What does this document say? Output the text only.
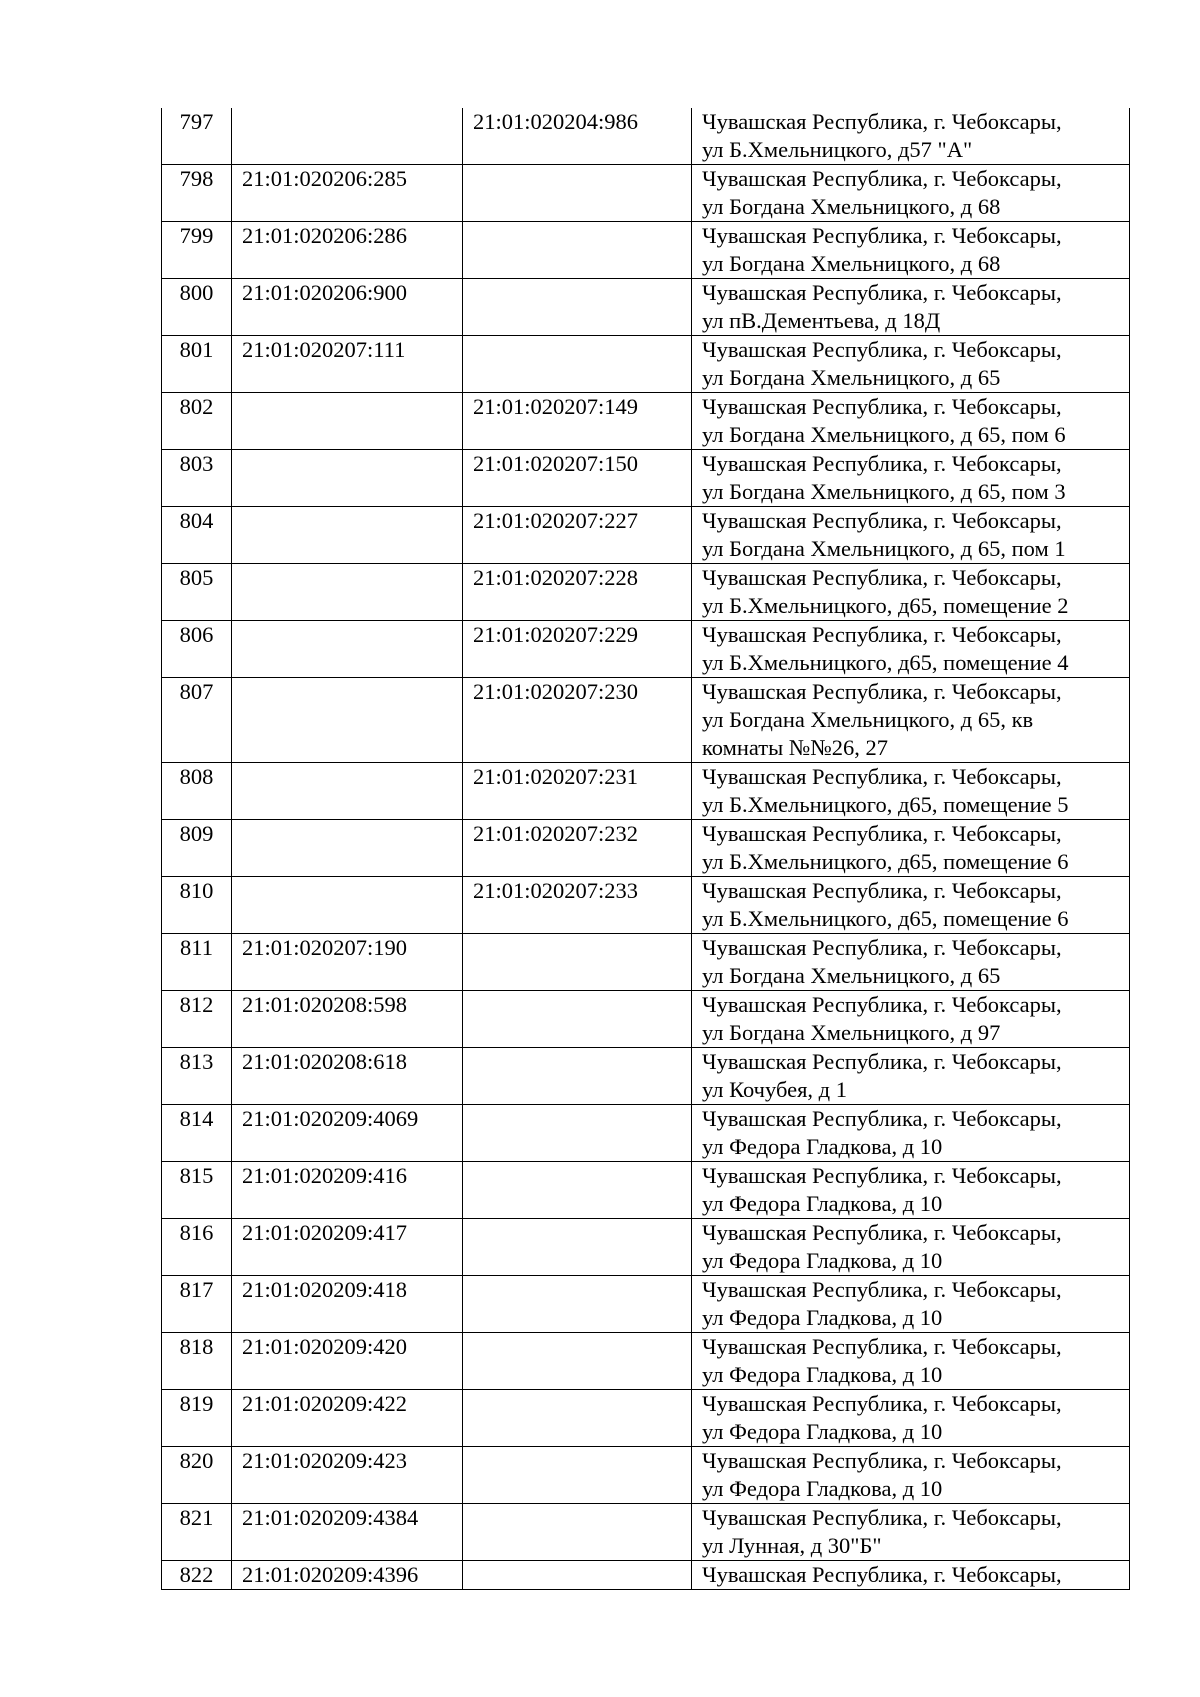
797		21:01:020204:986	Чувашская Республика, г. Чебоксары,
ул Б.Хмельницкого, д57 "А"

798	21:01:020206:285		Чувашская Республика, г. Чебоксары,
ул Богдана Хмельницкого, д 68

799	21:01:020206:286		Чувашская Республика, г. Чебоксары,
ул Богдана Хмельницкого, д 68

800	21:01:020206:900		Чувашская Республика, г. Чебоксары,
ул пВ.Дементьева, д 18Д

801	21:01:020207:111		Чувашская Республика, г. Чебоксары,
ул Богдана Хмельницкого, д 65

802		21:01:020207:149	Чувашская Республика, г. Чебоксары,
ул Богдана Хмельницкого, д 65, пом 6

803		21:01:020207:150	Чувашская Республика, г. Чебоксары,
ул Богдана Хмельницкого, д 65, пом 3

804		21:01:020207:227	Чувашская Республика, г. Чебоксары,
ул Богдана Хмельницкого, д 65, пом 1

805		21:01:020207:228	Чувашская Республика, г. Чебоксары,
ул Б.Хмельницкого, д65, помещение 2

806		21:01:020207:229	Чувашская Республика, г. Чебоксары,
ул Б.Хмельницкого, д65, помещение 4

807		21:01:020207:230	Чувашская Республика, г. Чебоксары,
ул Богдана Хмельницкого, д 65, кв
комнаты №№26, 27

808		21:01:020207:231	Чувашская Республика, г. Чебоксары,
ул Б.Хмельницкого, д65, помещение 5

809		21:01:020207:232	Чувашская Республика, г. Чебоксары,
ул Б.Хмельницкого, д65, помещение 6

810		21:01:020207:233	Чувашская Республика, г. Чебоксары,
ул Б.Хмельницкого, д65, помещение 6

811	21:01:020207:190		Чувашская Республика, г. Чебоксары,
ул Богдана Хмельницкого, д 65

812	21:01:020208:598		Чувашская Республика, г. Чебоксары,
ул Богдана Хмельницкого, д 97

813	21:01:020208:618		Чувашская Республика, г. Чебоксары,
ул Кочубея, д 1

814	21:01:020209:4069		Чувашская Республика, г. Чебоксары,
ул Федора Гладкова, д 10

815	21:01:020209:416		Чувашская Республика, г. Чебоксары,
ул Федора Гладкова, д 10

816	21:01:020209:417		Чувашская Республика, г. Чебоксары,
ул Федора Гладкова, д 10

817	21:01:020209:418		Чувашская Республика, г. Чебоксары,
ул Федора Гладкова, д 10

818	21:01:020209:420		Чувашская Республика, г. Чебоксары,
ул Федора Гладкова, д 10

819	21:01:020209:422		Чувашская Республика, г. Чебоксары,
ул Федора Гладкова, д 10

820	21:01:020209:423		Чувашская Республика, г. Чебоксары,
ул Федора Гладкова, д 10

821	21:01:020209:4384		Чувашская Республика, г. Чебоксары,
ул Лунная, д 30"Б"

822	21:01:020209:4396		Чувашская Республика, г. Чебоксары,
